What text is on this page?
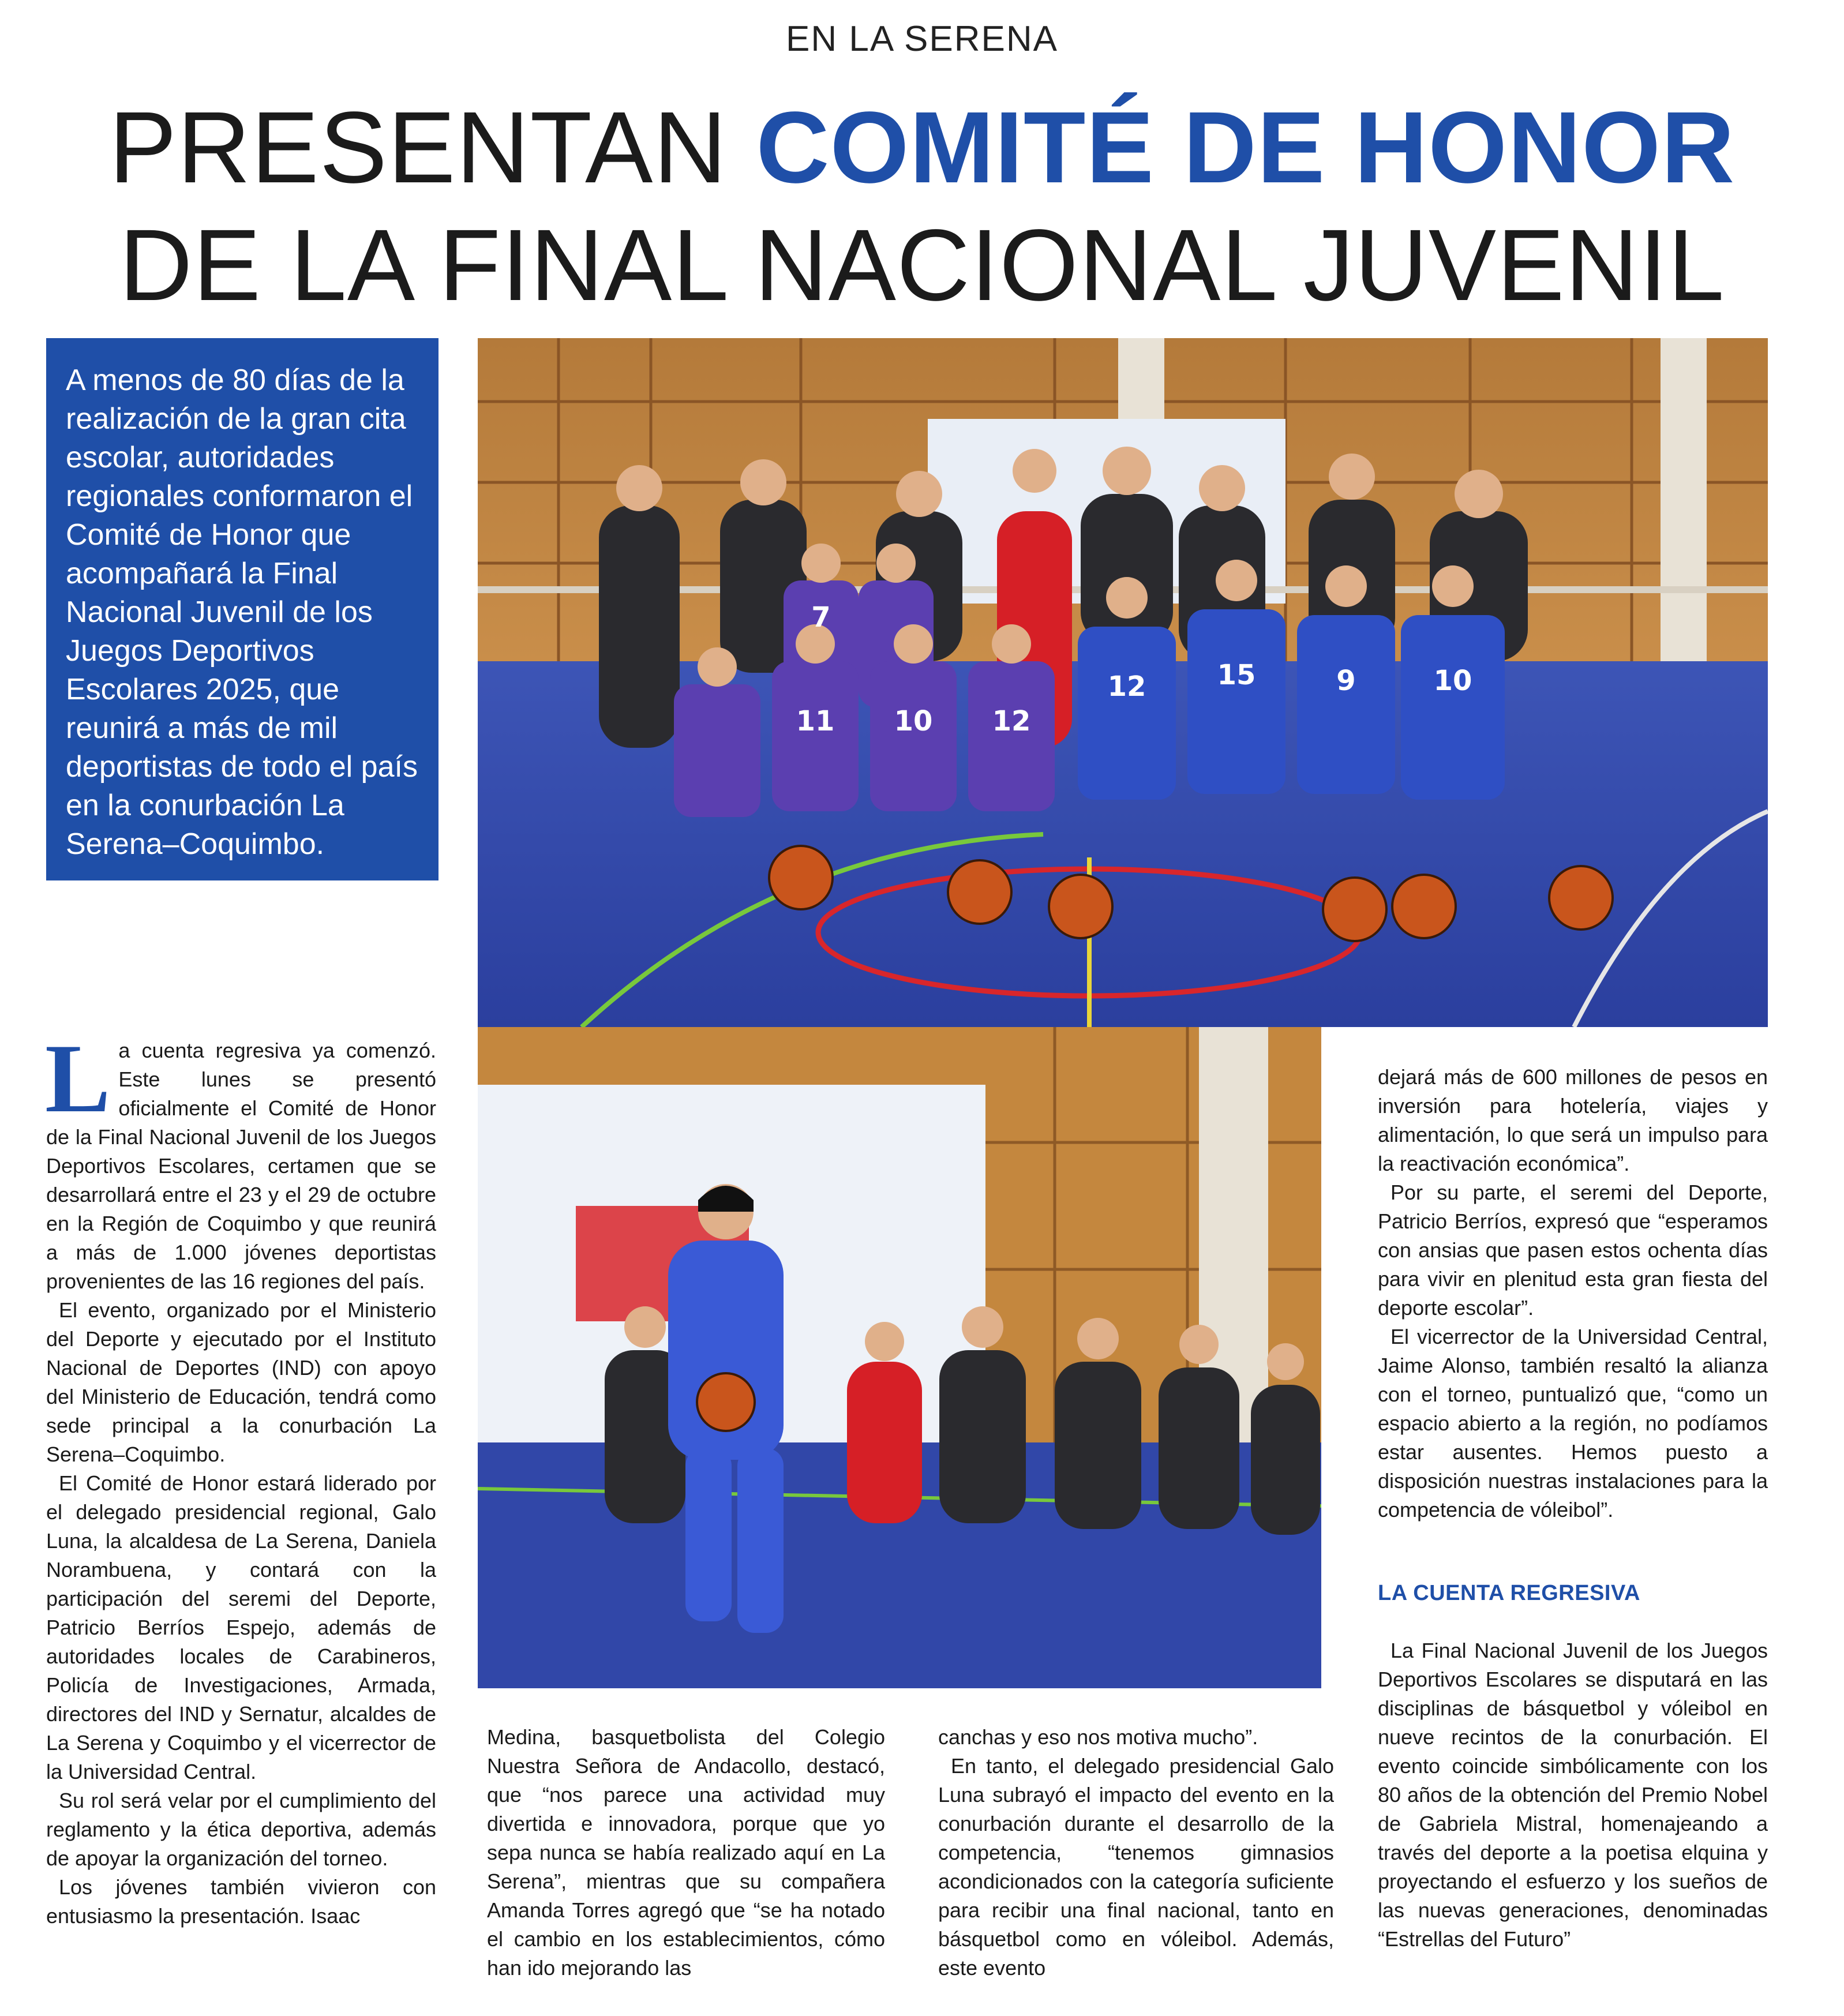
EN LA SERENA
PRESENTAN COMITÉ DE HONOR
DE LA FINAL NACIONAL JUVENIL

A menos de 80 días de la realización de la gran cita escolar, autoridades regionales conformaron el Comité de Honor que acompañará la Final Nacional Juvenil de los Juegos Deportivos Escolares 2025, que reunirá a más de mil deportistas de todo el país en la conurbación La Serena–Coquimbo.

7
11 10 12
12	15	9	10
L a cuenta regresiva ya comenzó. Este lunes se presentó oficialmente el Comité de Honor de la Final Nacional Juvenil de los Juegos Deportivos Escolares, certamen que se desarrollará entre el 23 y el 29 de octubre en la Región de Coquimbo y que reunirá a más de 1.000 jóvenes deportistas provenientes de las 16 regiones del país.

El evento, organizado por el Ministerio del Deporte y ejecutado por el Instituto Nacional de Deportes (IND) con apoyo del Ministerio de Educación, tendrá como sede principal a la conurbación La Serena–Coquimbo.

El Comité de Honor estará liderado por el delegado presidencial regional, Galo Luna, la alcaldesa de La Serena, Daniela Norambuena, y contará con la participación del seremi del Deporte, Patricio Berríos Espejo, además de autoridades locales de Carabineros, Policía de Investigaciones, Armada, directores del IND y Sernatur, alcaldes de La Serena y Coquimbo y el vicerrector de la Universidad Central.

Su rol será velar por el cumplimiento del reglamento y la ética deportiva, además de apoyar la organización del torneo.

Los jóvenes también vivieron con entusiasmo la presentación. Isaac

Medina, basquetbolista del Colegio Nuestra Señora de Andacollo, destacó, que “nos parece una actividad muy divertida e innovadora, porque que yo sepa nunca se había realizado aquí en La Serena”, mientras que su compañera Amanda Torres agregó que “se ha notado el cambio en los establecimientos, cómo han ido mejorando las

canchas y eso nos motiva mucho”.

En tanto, el delegado presidencial Galo Luna subrayó el impacto del evento en la conurbación durante el desarrollo de la competencia, “tenemos gimnasios acondicionados con la categoría suficiente para recibir una final nacional, tanto en básquetbol como en vóleibol. Además, este evento

dejará más de 600 millones de pesos en inversión para hotelería, viajes y alimentación, lo que será un impulso para la reactivación económica”.

Por su parte, el seremi del Deporte, Patricio Berríos, expresó que “esperamos con ansias que pasen estos ochenta días para vivir en plenitud esta gran fiesta del deporte escolar”.

El vicerrector de la Universidad Central, Jaime Alonso, también resaltó la alianza con el torneo, puntualizó que, “como un espacio abierto a la región, no podíamos estar ausentes. Hemos puesto a disposición nuestras instalaciones para la competencia de vóleibol”.

LA CUENTA REGRESIVA

La Final Nacional Juvenil de los Juegos Deportivos Escolares se disputará en las disciplinas de básquetbol y vóleibol en nueve recintos de la conurbación. El evento coincide simbólicamente con los 80 años de la obtención del Premio Nobel de Gabriela Mistral, homenajeando a través del deporte a la poetisa elquina y proyectando el esfuerzo y los sueños de las nuevas generaciones, denominadas “Estrellas del Futuro”
